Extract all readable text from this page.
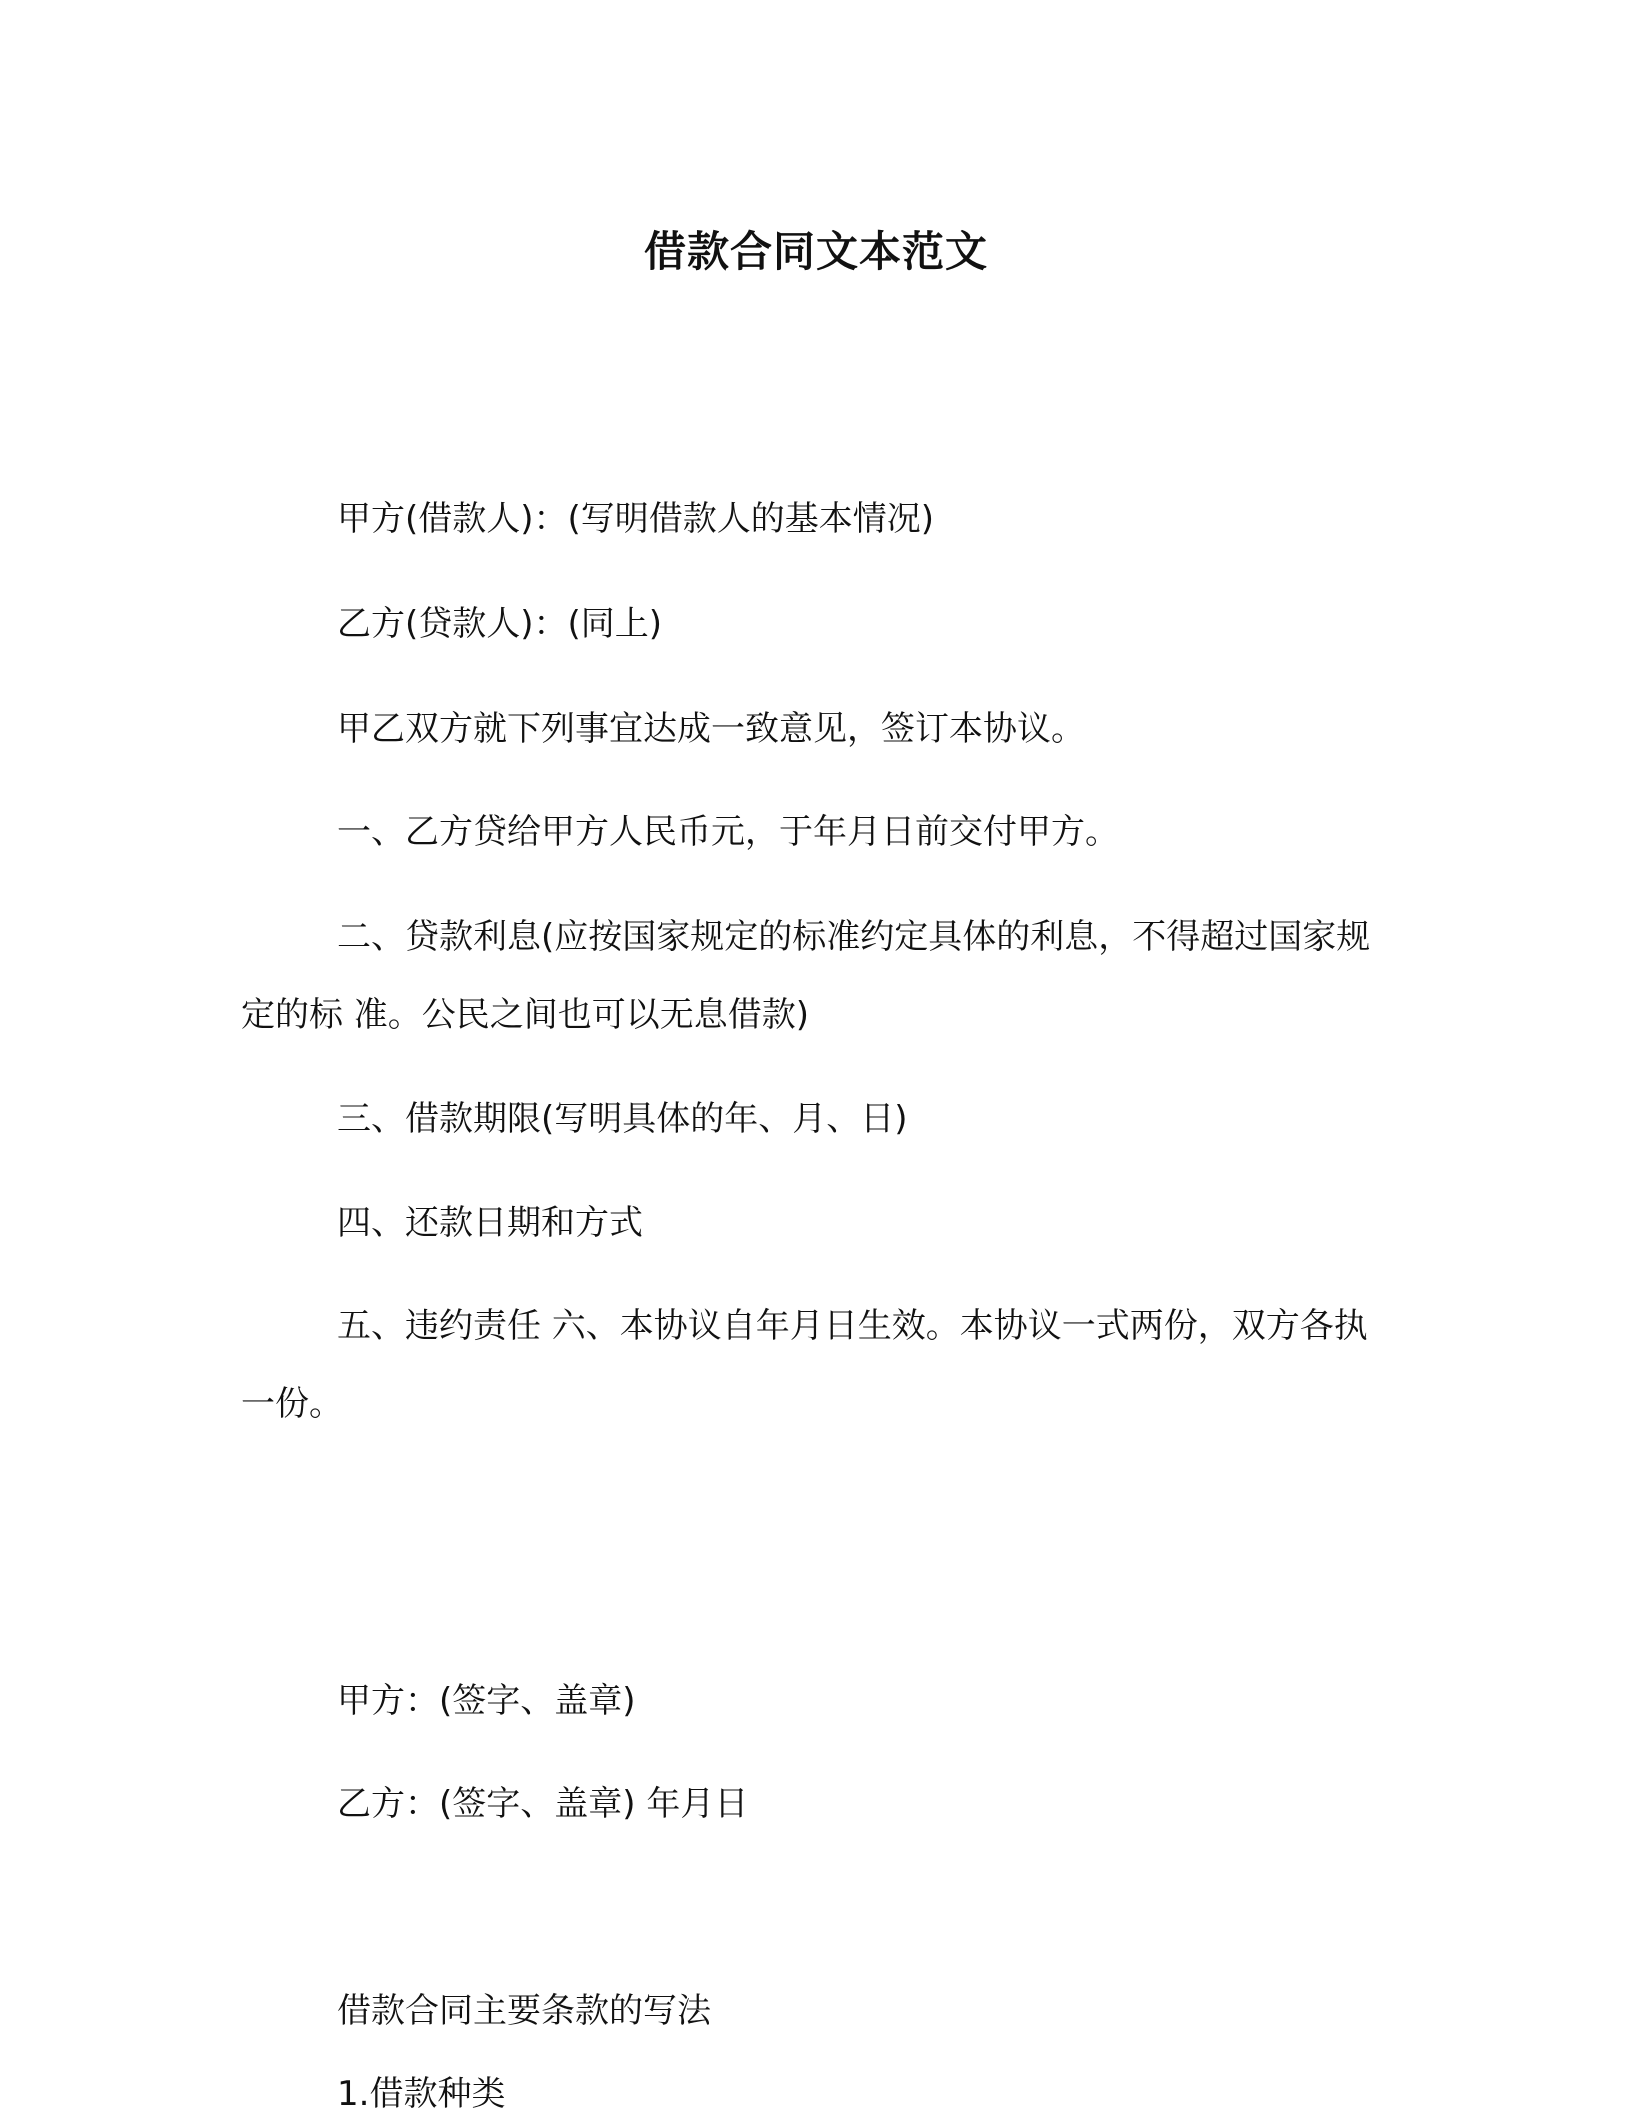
借款合同文本范文
甲方(借款人)：(写明借款人的基本情况)
乙方(贷款人)：(同上)
甲乙双方就下列事宜达成一致意见，签订本协议。
一、乙方贷给甲方人民币元，于年月日前交付甲方。
二、贷款利息(应按国家规定的标准约定具体的利息，不得超过国家规定的标 准。公民之间也可以无息借款)
三、借款期限(写明具体的年、月、日)
四、还款日期和方式
五、违约责任 六、本协议自年月日生效。本协议一式两份，双方各执一份。
甲方：(签字、盖章)
乙方：(签字、盖章) 年月日
借款合同主要条款的写法
1.借款种类
